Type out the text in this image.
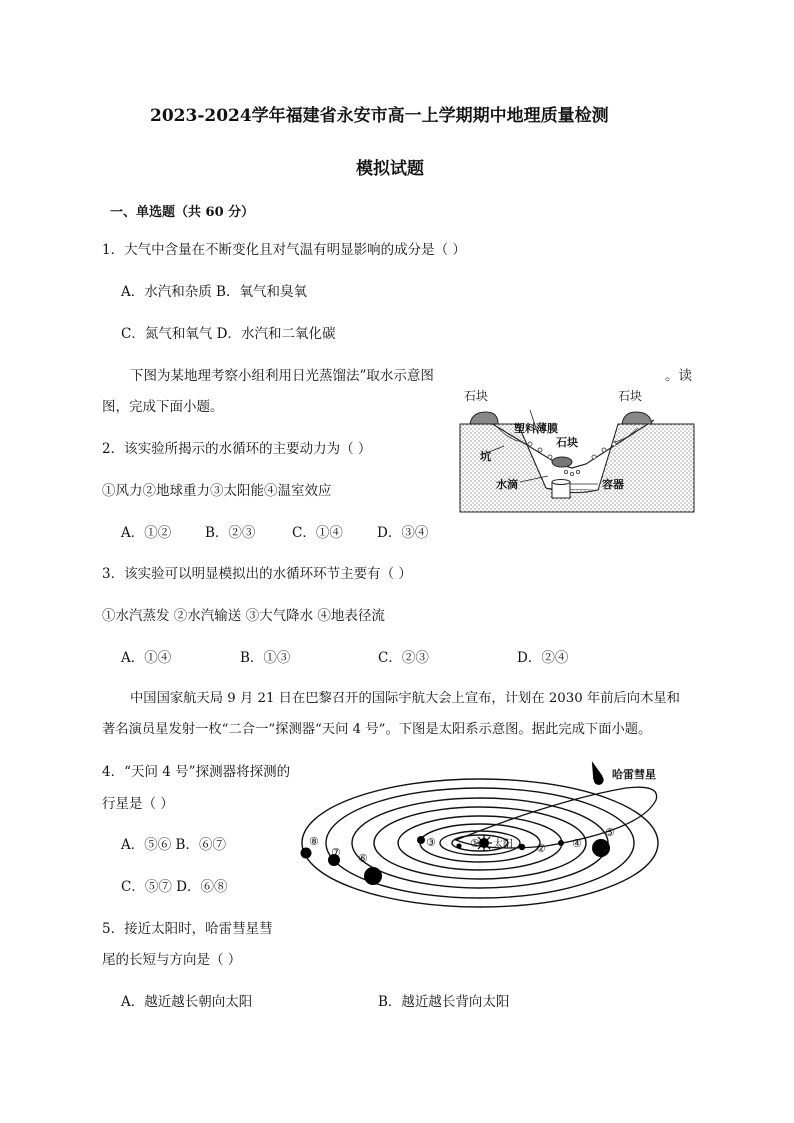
2023-2024学年福建省永安市高一上学期期中地理质量检测
模拟试题
一、单选题（共 60 分）
1．大气中含量在不断变化且对气温有明显影响的成分是（ ）
A．水汽和杂质 B．氧气和臭氧
C．氮气和氧气 D．水汽和二氧化碳
下图为某地理考察小组利用日光蒸馏法”取水示意图	。读
图，完成下面小题。
石块	石块
塑料薄膜
石块
坑
水滴	容器
2．该实验所揭示的水循环的主要动力为（ ）
①风力②地球重力③太阳能④温室效应
A．①②	B．②③	C．①④	D．③④
3．该实验可以明显模拟出的水循环环节主要有（ ）
①水汽蒸发 ②水汽输送 ③大气降水 ④地表径流
A．①④	B．①③	C．②③	D．②④
中国国家航天局 9 月 21 日在巴黎召开的国际宇航大会上宣布，计划在 2030 年前后向木星和
著名演员星发射一枚“二合一”探测器“天问 4 号”。下图是太阳系示意图。据此完成下面小题。
4．“天问 4 号”探测器将探测的
行星是（ ）
A．⑤⑥ B．⑥⑦
C．⑤⑦ D．⑥⑧
哈雷彗星
太阳
①	②
③	④
⑤
⑥
⑦
⑧
5．接近太阳时，哈雷彗星彗
尾的长短与方向是（ ）
A．越近越长朝向太阳	B．越近越长背向太阳
